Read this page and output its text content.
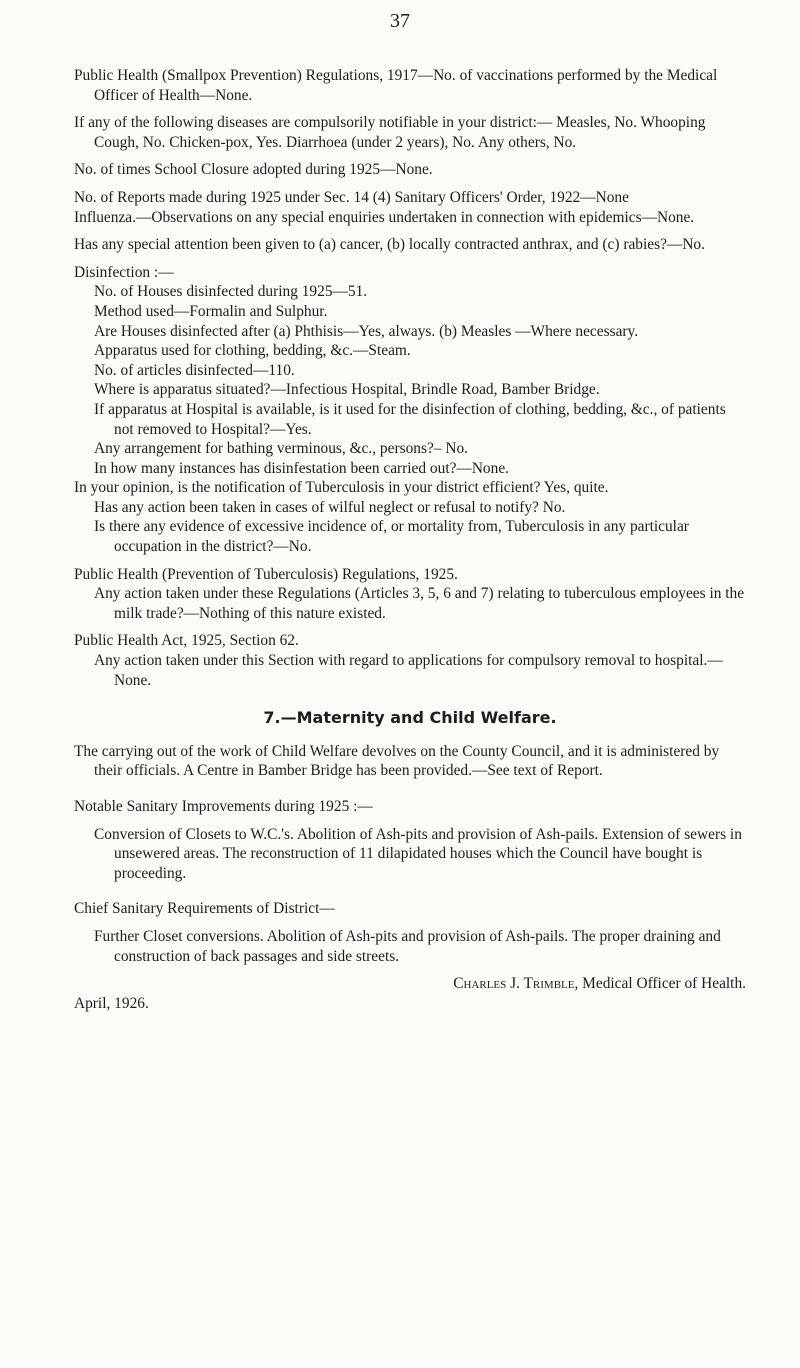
37

Public Health (Smallpox Prevention) Regulations, 1917—No. of vaccinations performed by the Medical Officer of Health—None.

If any of the following diseases are compulsorily notifiable in your district:— Measles, No. Whooping Cough, No. Chicken-pox, Yes. Diarrhoea (under 2 years), No. Any others, No.

No. of times School Closure adopted during 1925—None.

No. of Reports made during 1925 under Sec. 14 (4) Sanitary Officers' Order, 1922—None

Influenza.—Observations on any special enquiries undertaken in connection with epidemics—None.

Has any special attention been given to (a) cancer, (b) locally contracted anthrax, and (c) rabies?—No.

Disinfection :—

No. of Houses disinfected during 1925—51.

Method used—Formalin and Sulphur.

Are Houses disinfected after (a) Phthisis—Yes, always. (b) Measles —Where necessary.

Apparatus used for clothing, bedding, &c.—Steam.

No. of articles disinfected—110.

Where is apparatus situated?—Infectious Hospital, Brindle Road, Bamber Bridge.

If apparatus at Hospital is available, is it used for the disinfection of clothing, bedding, &c., of patients not removed to Hospital?—Yes.

Any arrangement for bathing verminous, &c., persons?– No.

In how many instances has disinfestation been carried out?—None.

In your opinion, is the notification of Tuberculosis in your district efficient? Yes, quite.

Has any action been taken in cases of wilful neglect or refusal to notify? No.

Is there any evidence of excessive incidence of, or mortality from, Tuberculosis in any particular occupation in the district?—No.

Public Health (Prevention of Tuberculosis) Regulations, 1925.

Any action taken under these Regulations (Articles 3, 5, 6 and 7) relating to tuberculous employees in the milk trade?—Nothing of this nature existed.

Public Health Act, 1925, Section 62.

Any action taken under this Section with regard to applications for compulsory removal to hospital.—None.

7.—Maternity and Child Welfare.

The carrying out of the work of Child Welfare devolves on the County Council, and it is administered by their officials. A Centre in Bamber Bridge has been provided.—See text of Report.

Notable Sanitary Improvements during 1925 :—

Conversion of Closets to W.C.'s. Abolition of Ash-pits and provision of Ash-pails. Extension of sewers in unsewered areas. The reconstruction of 11 dilapidated houses which the Council have bought is proceeding.

Chief Sanitary Requirements of District—

Further Closet conversions. Abolition of Ash-pits and provision of Ash-pails. The proper draining and construction of back passages and side streets.

Charles J. Trimble, Medical Officer of Health.

April, 1926.
